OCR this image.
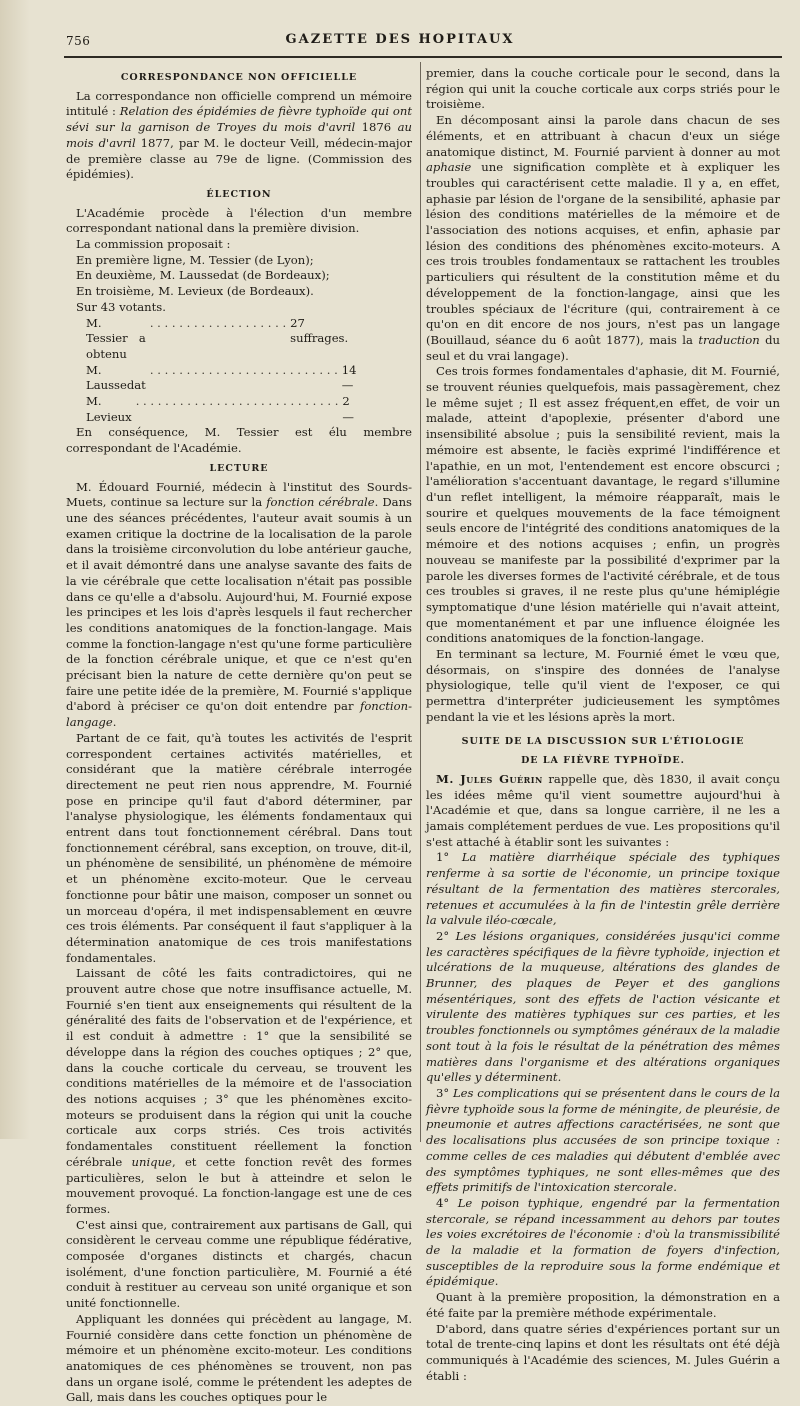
756	GAZETTE DES HOPITAUX
CORRESPONDANCE NON OFFICIELLE

La correspondance non officielle comprend un mémoire intitulé : Relation des épidémies de fièvre typhoïde qui ont sévi sur la garnison de Troyes du mois d'avril 1876 au mois d'avril 1877, par M. le docteur Veill, médecin-major de première classe au 79e de ligne. (Commission des épidémies).

ÉLECTION

L'Académie procède à l'élection d'un membre correspondant national dans la première division.

La commission proposait :

En première ligne, M. Tessier (de Lyon);

En deuxième, M. Laussedat (de Bordeaux);

En troisième, M. Levieux (de Bordeaux).

Sur 43 votants.

M. Tessier a obtenu
. . . . . . . . . . . . . . . . . . . 27 suffrages.
M. Laussedat
. . . . . . . . . . . . . . . . . . . . . . . . . . 14 —
M. Levieux
. . . . . . . . . . . . . . . . . . . . . . . . . . . . 2 —

En conséquence, M. Tessier est élu membre correspondant de l'Académie.

LECTURE

M. Édouard Fournié, médecin à l'institut des Sourds-Muets, continue sa lecture sur la fonction cérébrale. Dans une des séances précédentes, l'auteur avait soumis à un examen critique la doctrine de la localisation de la parole dans la troisième circonvolution du lobe antérieur gauche, et il avait démontré dans une analyse savante des faits de la vie cérébrale que cette localisation n'était pas possible dans ce qu'elle a d'absolu. Aujourd'hui, M. Fournié expose les principes et les lois d'après lesquels il faut rechercher les conditions anatomiques de la fonction-langage. Mais comme la fonction-langage n'est qu'une forme particulière de la fonction cérébrale unique, et que ce n'est qu'en précisant bien la nature de cette dernière qu'on peut se faire une petite idée de la première, M. Fournié s'applique d'abord à préciser ce qu'on doit entendre par fonction-langage.

Partant de ce fait, qu'à toutes les activités de l'esprit correspondent certaines activités matérielles, et considérant que la matière cérébrale interrogée directement ne peut rien nous apprendre, M. Fournié pose en principe qu'il faut d'abord déterminer, par l'analyse physiologique, les éléments fondamentaux qui entrent dans tout fonctionnement cérébral. Dans tout fonctionnement cérébral, sans exception, on trouve, dit-il, un phénomène de sensibilité, un phénomène de mémoire et un phénomène excito-moteur. Que le cerveau fonctionne pour bâtir une maison, composer un sonnet ou un morceau d'opéra, il met indispensablement en œuvre ces trois éléments. Par conséquent il faut s'appliquer à la détermination anatomique de ces trois manifestations fondamentales.

Laissant de côté les faits contradictoires, qui ne prouvent autre chose que notre insuffisance actuelle, M. Fournié s'en tient aux enseignements qui résultent de la généralité des faits de l'observation et de l'expérience, et il est conduit à admettre : 1° que la sensibilité se développe dans la région des couches optiques ; 2° que, dans la couche corticale du cerveau, se trouvent les conditions matérielles de la mémoire et de l'association des notions acquises ; 3° que les phénomènes excito-moteurs se produisent dans la région qui unit la couche corticale aux corps striés. Ces trois activités fondamentales constituent réellement la fonction cérébrale unique, et cette fonction revêt des formes particulières, selon le but à atteindre et selon le mouvement provoqué. La fonction-langage est une de ces formes.

C'est ainsi que, contrairement aux partisans de Gall, qui considèrent le cerveau comme une république fédérative, composée d'organes distincts et chargés, chacun isolément, d'une fonction particulière, M. Fournié a été conduit à restituer au cerveau son unité organique et son unité fonctionnelle.

Appliquant les données qui précèdent au langage, M. Fournié considère dans cette fonction un phénomène de mémoire et un phénomène excito-moteur. Les conditions anatomiques de ces phénomènes se trouvent, non pas dans un organe isolé, comme le prétendent les adeptes de Gall, mais dans les couches optiques pour le

premier, dans la couche corticale pour le second, dans la région qui unit la couche corticale aux corps striés pour le troisième.

En décomposant ainsi la parole dans chacun de ses éléments, et en attribuant à chacun d'eux un siége anatomique distinct, M. Fournié parvient à donner au mot aphasie une signification complète et à expliquer les troubles qui caractérisent cette maladie. Il y a, en effet, aphasie par lésion de l'organe de la sensibilité, aphasie par lésion des conditions matérielles de la mémoire et de l'association des notions acquises, et enfin, aphasie par lésion des conditions des phénomènes excito-moteurs. A ces trois troubles fondamentaux se rattachent les troubles particuliers qui résultent de la constitution même et du développement de la fonction-langage, ainsi que les troubles spéciaux de l'écriture (qui, contrairement à ce qu'on en dit encore de nos jours, n'est pas un langage (Bouillaud, séance du 6 août 1877), mais la traduction du seul et du vrai langage).

Ces trois formes fondamentales d'aphasie, dit M. Fournié, se trouvent réunies quelquefois, mais passagèrement, chez le même sujet ; Il est assez fréquent,en effet, de voir un malade, atteint d'apoplexie, présenter d'abord une insensibilité absolue ; puis la sensibilité revient, mais la mémoire est absente, le faciès exprimé l'indifférence et l'apathie, en un mot, l'entendement est encore obscurci ; l'amélioration s'accentuant davantage, le regard s'illumine d'un reflet intelligent, la mémoire réapparaît, mais le sourire et quelques mouvements de la face témoignent seuls encore de l'intégrité des conditions anatomiques de la mémoire et des notions acquises ; enfin, un progrès nouveau se manifeste par la possibilité d'exprimer par la parole les diverses formes de l'activité cérébrale, et de tous ces troubles si graves, il ne reste plus qu'une hémiplégie symptomatique d'une lésion matérielle qui n'avait atteint, que momentanément et par une influence éloignée les conditions anatomiques de la fonction-langage.

En terminant sa lecture, M. Fournié émet le vœu que, désormais, on s'inspire des données de l'analyse physiologique, telle qu'il vient de l'exposer, ce qui permettra d'interpréter judicieusement les symptômes pendant la vie et les lésions après la mort.

SUITE DE LA DISCUSSION SUR L'ÉTIOLOGIE
DE LA FIÈVRE TYPHOÏDE.

M. Jules Guérin rappelle que, dès 1830, il avait conçu les idées même qu'il vient soumettre aujourd'hui à l'Académie et que, dans sa longue carrière, il ne les a jamais complétement perdues de vue. Les propositions qu'il s'est attaché à établir sont les suivantes :

1° La matière diarrhéique spéciale des typhiques renferme à sa sortie de l'économie, un principe toxique résultant de la fermentation des matières stercorales, retenues et accumulées à la fin de l'intestin grêle derrière la valvule iléo-cœcale,

2° Les lésions organiques, considérées jusqu'ici comme les caractères spécifiques de la fièvre typhoïde, injection et ulcérations de la muqueuse, altérations des glandes de Brunner, des plaques de Peyer et des ganglions mésentériques, sont des effets de l'action vésicante et virulente des matières typhiques sur ces parties, et les troubles fonctionnels ou symptômes généraux de la maladie sont tout à la fois le résultat de la pénétration des mêmes matières dans l'organisme et des altérations organiques qu'elles y déterminent.

3° Les complications qui se présentent dans le cours de la fièvre typhoïde sous la forme de méningite, de pleurésie, de pneumonie et autres affections caractérisées, ne sont que des localisations plus accusées de son principe toxique : comme celles de ces maladies qui débutent d'emblée avec des symptômes typhiques, ne sont elles-mêmes que des effets primitifs de l'intoxication stercorale.

4° Le poison typhique, engendré par la fermentation stercorale, se répand incessamment au dehors par toutes les voies excrétoires de l'économie : d'où la transmissibilité de la maladie et la formation de foyers d'infection, susceptibles de la reproduire sous la forme endémique et épidémique.

Quant à la première proposition, la démonstration en a été faite par la première méthode expérimentale.

D'abord, dans quatre séries d'expériences portant sur un total de trente-cinq lapins et dont les résultats ont été déjà communiqués à l'Académie des sciences, M. Jules Guérin a établi :
